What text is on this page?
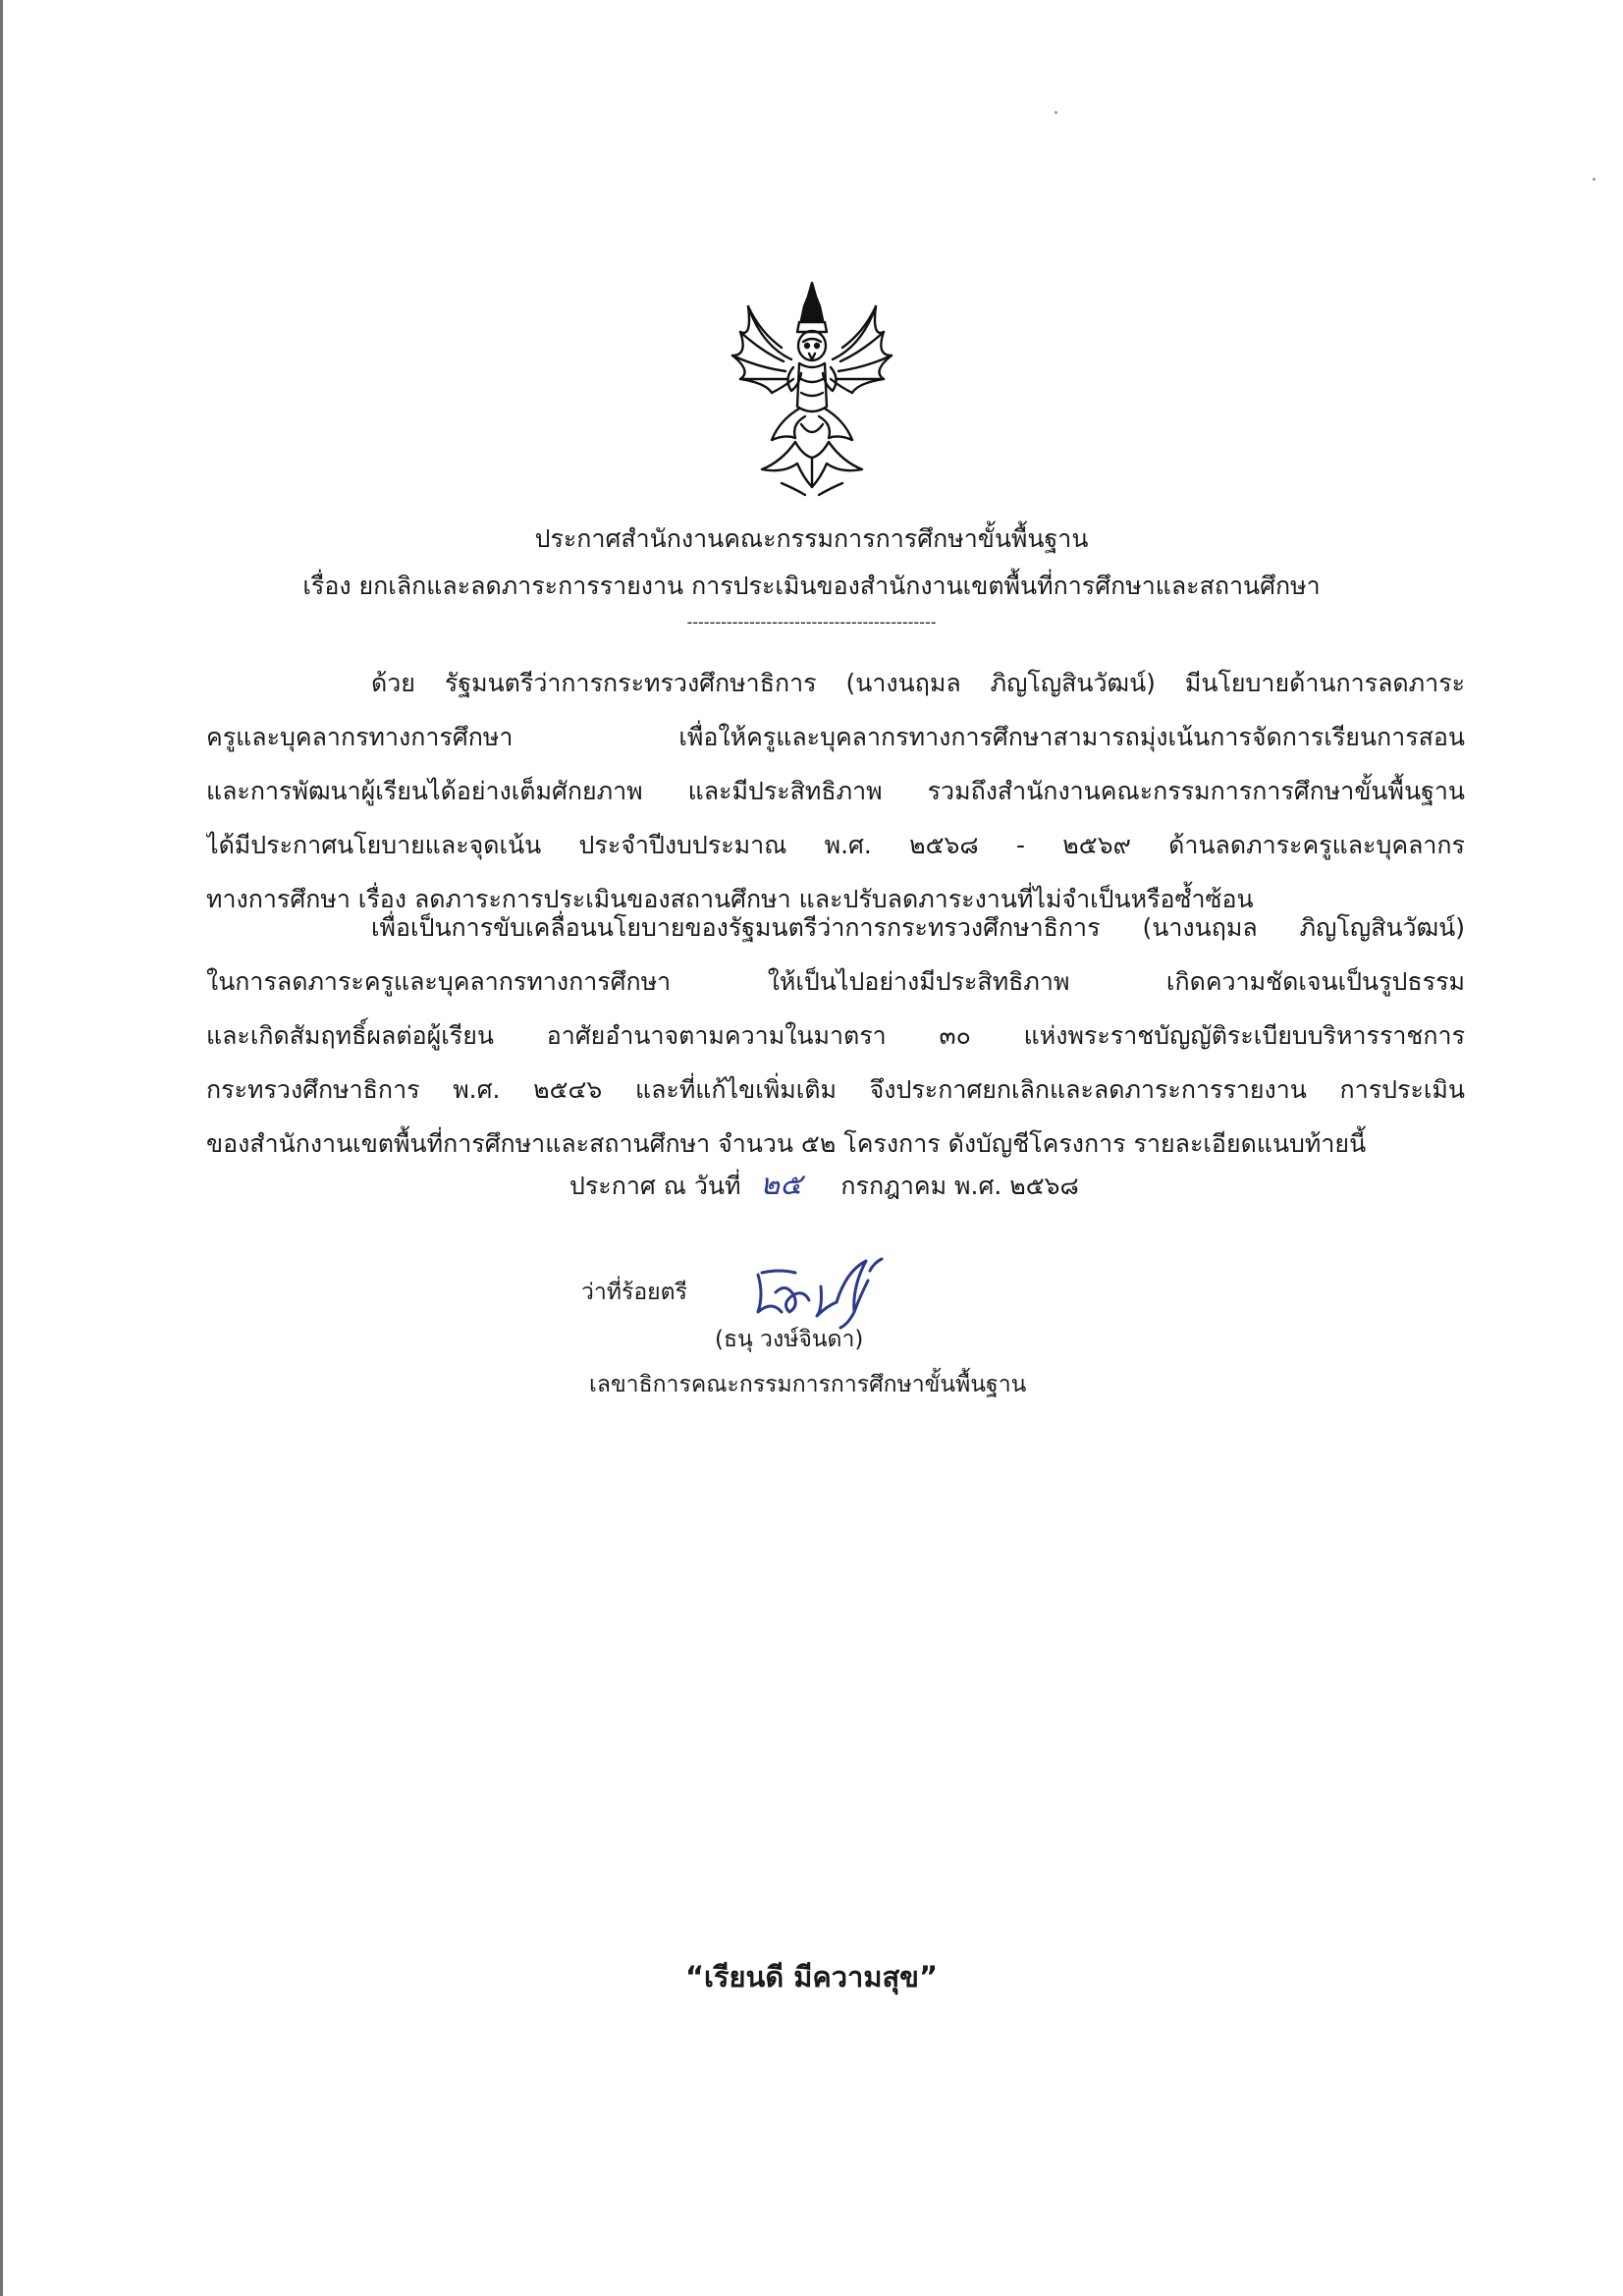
ประกาศสำนักงานคณะกรรมการการศึกษาขั้นพื้นฐาน
เรื่อง ยกเลิกและลดภาระการรายงาน การประเมินของสำนักงานเขตพื้นที่การศึกษาและสถานศึกษา
--------------------------------------------
ด้วย รัฐมนตรีว่าการกระทรวงศึกษาธิการ (นางนฤมล ภิญโญสินวัฒน์) มีนโยบายด้านการลดภาระ
ครูและบุคลากรทางการศึกษา เพื่อให้ครูและบุคลากรทางการศึกษาสามารถมุ่งเน้นการจัดการเรียนการสอน
และการพัฒนาผู้เรียนได้อย่างเต็มศักยภาพ และมีประสิทธิภาพ รวมถึงสำนักงานคณะกรรมการการศึกษาขั้นพื้นฐาน
ได้มีประกาศนโยบายและจุดเน้น ประจำปีงบประมาณ พ.ศ. ๒๕๖๘ - ๒๕๖๙ ด้านลดภาระครูและบุคลากร
ทางการศึกษา เรื่อง ลดภาระการประเมินของสถานศึกษา และปรับลดภาระงานที่ไม่จำเป็นหรือซ้ำซ้อน
เพื่อเป็นการขับเคลื่อนนโยบายของรัฐมนตรีว่าการกระทรวงศึกษาธิการ (นางนฤมล ภิญโญสินวัฒน์)
ในการลดภาระครูและบุคลากรทางการศึกษา ให้เป็นไปอย่างมีประสิทธิภาพ เกิดความชัดเจนเป็นรูปธรรม
และเกิดสัมฤทธิ์ผลต่อผู้เรียน อาศัยอำนาจตามความในมาตรา ๓๐ แห่งพระราชบัญญัติระเบียบบริหารราชการ
กระทรวงศึกษาธิการ พ.ศ. ๒๕๔๖ และที่แก้ไขเพิ่มเติม จึงประกาศยกเลิกและลดภาระการรายงาน การประเมิน
ของสำนักงานเขตพื้นที่การศึกษาและสถานศึกษา จำนวน ๕๒ โครงการ ดังบัญชีโครงการ รายละเอียดแนบท้ายนี้
ประกาศ ณ วันที่ ๒๕ กรกฎาคม พ.ศ. ๒๕๖๘
ว่าที่ร้อยตรี
(ธนุ วงษ์จินดา)
เลขาธิการคณะกรรมการการศึกษาขั้นพื้นฐาน
“เรียนดี มีความสุข”
